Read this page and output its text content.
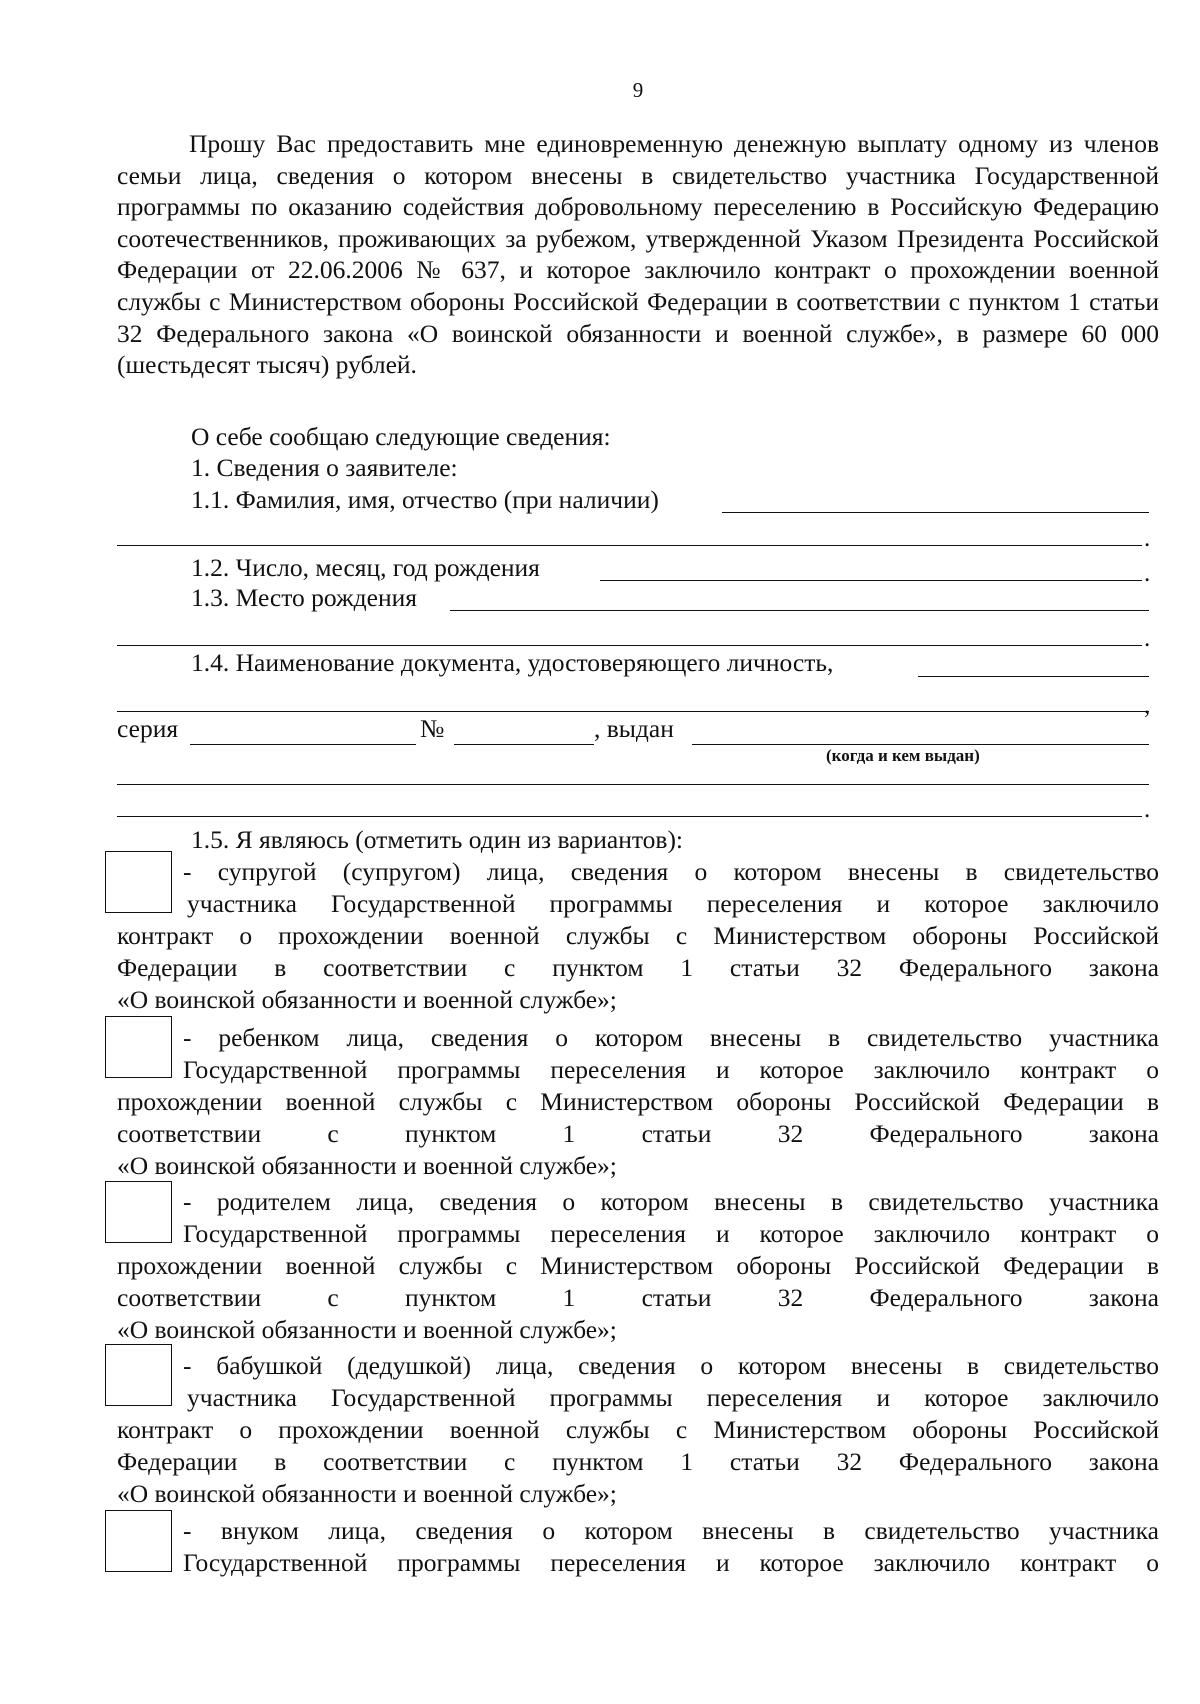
9

Прошу Вас предоставить мне единовременную денежную выплату одному из членов семьи лица, сведения о котором внесены в свидетельство участника Государственной программы по оказанию содействия добровольному переселению в Российскую Федерацию соотечественников, проживающих за рубежом, утвержденной Указом Президента Российской Федерации от 22.06.2006 № 637, и которое заключило контракт о прохождении военной службы с Министерством обороны Российской Федерации в соответствии с пунктом 1 статьи 32 Федерального закона «О воинской обязанности и военной службе», в размере 60 000 (шестьдесят тысяч) рублей.

О себе сообщаю следующие сведения:
1. Сведения о заявителе:
1.1. Фамилия, имя, отчество (при наличии)
.
1.2. Число, месяц, год рождения	.
1.3. Место рождения
.
1.4. Наименование документа, удостоверяющего личность,
,
серия	№	, выдан
(когда и кем выдан)
.
1.5. Я являюсь (отметить один из вариантов):
- супругой (супругом) лица, сведения о котором внесены в свидетельство
участника Государственной программы переселения и которое заключило
контракт о прохождении военной службы с Министерством обороны Российской
Федерации в соответствии с пунктом 1 статьи 32 Федерального закона
«О воинской обязанности и военной службе»;
- ребенком лица, сведения о котором внесены в свидетельство участника
Государственной программы переселения и которое заключило контракт о
прохождении военной службы с Министерством обороны Российской Федерации в
соответствии с пунктом 1 статьи 32 Федерального закона
«О воинской обязанности и военной службе»;
- родителем лица, сведения о котором внесены в свидетельство участника
Государственной программы переселения и которое заключило контракт о
прохождении военной службы с Министерством обороны Российской Федерации в
соответствии с пунктом 1 статьи 32 Федерального закона
«О воинской обязанности и военной службе»;
- бабушкой (дедушкой) лица, сведения о котором внесены в свидетельство
участника Государственной программы переселения и которое заключило
контракт о прохождении военной службы с Министерством обороны Российской
Федерации в соответствии с пунктом 1 статьи 32 Федерального закона
«О воинской обязанности и военной службе»;
- внуком лица, сведения о котором внесены в свидетельство участника
Государственной программы переселения и которое заключило контракт о
